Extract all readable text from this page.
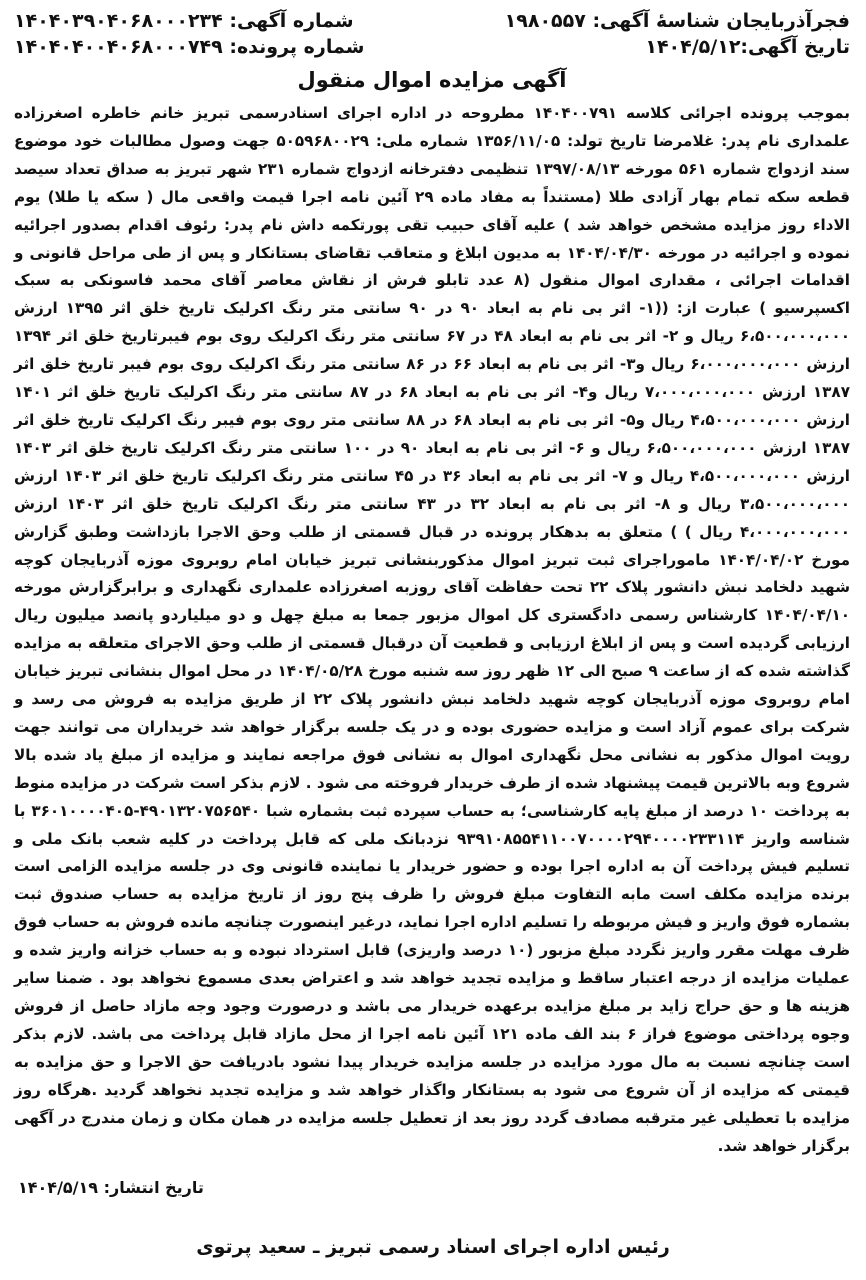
فجرآذربایجان شناسهٔ آگهی: ۱۹۸۰۵۵۷
شماره آگهی: ۱۴۰۴۰۳۹۰۴۰۶۸۰۰۰۲۳۴
تاریخ آگهی:۱۴۰۴/۵/۱۲
شماره پرونده: ۱۴۰۴۰۴۰۰۴۰۶۸۰۰۰۷۴۹
آگهی مزایده اموال منقول
بموجب پرونده اجرائی کلاسه ۱۴۰۴۰۰۷۹۱ مطروحه در اداره اجرای اسنادرسمی تبریز خانم خاطره اصغرزاده علمداری نام پدر: غلامرضا تاریخ تولد: ۱۳۵۶/۱۱/۰۵ شماره ملی: ۵۰۵۹۶۸۰۰۲۹ جهت وصول مطالبات خود موضوع سند ازدواج شماره ۵۶۱ مورخه ۱۳۹۷/۰۸/۱۳ تنظیمی دفترخانه ازدواج شماره ۲۳۱ شهر تبریز به صداق تعداد سیصد قطعه سکه تمام بهار آزادی طلا (مستنداً به مفاد ماده ۲۹ آئین نامه اجرا قیمت واقعی مال ( سکه یا طلا) یوم الاداء روز مزایده مشخص خواهد شد ) علیه آقای حبیب تقی پورتکمه داش نام پدر: رئوف اقدام بصدور اجرائیه نموده و اجرائیه در مورخه ۱۴۰۴/۰۴/۳۰ به مدیون ابلاغ و متعاقب تقاضای بستانکار و پس از طی مراحل قانونی و اقدامات اجرائی ، مقداری اموال منقول (۸ عدد تابلو فرش از نقاش معاصر آقای محمد فاسونکی به سبک اکسپرسیو ) عبارت از: ((۱- اثر بی نام به ابعاد ۹۰ در ۹۰ سانتی متر رنگ اکرلیک تاریخ خلق اثر ۱۳۹۵ ارزش ۶،۵۰۰،۰۰۰،۰۰۰ ریال و ۲- اثر بی نام به ابعاد ۴۸ در ۶۷ سانتی متر رنگ اکرلیک روی بوم فیبرتاریخ خلق اثر ۱۳۹۴ ارزش ۶،۰۰۰،۰۰۰،۰۰۰ ریال و۳- اثر بی نام به ابعاد ۶۶ در ۸۶ سانتی متر رنگ اکرلیک روی بوم فیبر تاریخ خلق اثر ۱۳۸۷ ارزش ۷،۰۰۰،۰۰۰،۰۰۰ ریال و۴- اثر بی نام به ابعاد ۶۸ در ۸۷ سانتی متر رنگ اکرلیک تاریخ خلق اثر ۱۴۰۱ ارزش ۴،۵۰۰،۰۰۰،۰۰۰ ریال و۵- اثر بی نام به ابعاد ۶۸ در ۸۸ سانتی متر روی بوم فیبر رنگ اکرلیک تاریخ خلق اثر ۱۳۸۷ ارزش ۶،۵۰۰،۰۰۰،۰۰۰ ریال و ۶- اثر بی نام به ابعاد ۹۰ در ۱۰۰ سانتی متر رنگ اکرلیک تاریخ خلق اثر ۱۴۰۳ ارزش ۴،۵۰۰،۰۰۰،۰۰۰ ریال و ۷- اثر بی نام به ابعاد ۳۶ در ۴۵ سانتی متر رنگ اکرلیک تاریخ خلق اثر ۱۴۰۳ ارزش ۳،۵۰۰،۰۰۰،۰۰۰ ریال و ۸- اثر بی نام به ابعاد ۳۲ در ۴۳ سانتی متر رنگ اکرلیک تاریخ خلق اثر ۱۴۰۳ ارزش ۴،۰۰۰،۰۰۰،۰۰۰ ریال ) ) متعلق به بدهکار پرونده در قبال قسمتی از طلب وحق الاجرا بازداشت وطبق گزارش مورخ ۱۴۰۴/۰۴/۰۲ ماموراجرای ثبت تبریز اموال مذکوربنشانی تبریز خیابان امام روبروی موزه آذربایجان کوچه شهید دلخامد نبش دانشور پلاک ۲۲ تحت حفاظت آقای روزبه اصغرزاده علمداری نگهداری و برابرگزارش مورخه ۱۴۰۴/۰۴/۱۰ کارشناس رسمی دادگستری کل اموال مزبور جمعا به مبلغ چهل و دو میلیاردو پانصد میلیون ریال ارزیابی گردیده است و پس از ابلاغ ارزیابی و قطعیت آن درقبال قسمتی از طلب وحق الاجرای متعلقه به مزایده گذاشته شده که از ساعت ۹ صبح الی ۱۲ ظهر روز سه شنبه مورخ ۱۴۰۴/۰۵/۲۸ در محل اموال بنشانی تبریز خیابان امام روبروی موزه آذربایجان کوچه شهید دلخامد نبش دانشور پلاک ۲۲ از طریق مزایده به فروش می رسد و شرکت برای عموم آزاد است و مزایده حضوری بوده و در یک جلسه برگزار خواهد شد خریداران می توانند جهت رویت اموال مذکور به نشانی محل نگهداری اموال به نشانی فوق مراجعه نمایند و مزایده از مبلغ یاد شده بالا شروع وبه بالاترین قیمت پیشنهاد شده از طرف خریدار فروخته می شود . لازم بذکر است شرکت در مزایده منوط به پرداخت ۱۰ درصد از مبلغ پایه کارشناسی؛ به حساب سپرده ثبت بشماره شبا ۴۹۰۱۳۲۰۷۵۶۵۴۰-۳۶۰۱۰۰۰۰۴۰۵ با شناسه واریز ۹۳۹۱۰۸۵۵۴۱۱۰۰۷۰۰۰۰۲۹۴۰۰۰۰۲۳۳۱۱۴ نزدبانک ملی که قابل پرداخت در کلیه شعب بانک ملی و تسلیم فیش پرداخت آن به اداره اجرا بوده و حضور خریدار یا نماینده قانونی وی در جلسه مزایده الزامی است برنده مزایده مکلف است مابه التفاوت مبلغ فروش را ظرف پنج روز از تاریخ مزایده به حساب صندوق ثبت بشماره فوق واریز و فیش مربوطه را تسلیم اداره اجرا نماید، درغیر اینصورت چنانچه مانده فروش به حساب فوق ظرف مهلت مقرر واریز نگردد مبلغ مزبور (۱۰ درصد واریزی) قابل استرداد نبوده و به حساب خزانه واریز شده و عملیات مزایده از درجه اعتبار ساقط و مزایده تجدید خواهد شد و اعتراض بعدی مسموع نخواهد بود . ضمنا سایر هزینه ها و حق حراج زاید بر مبلغ مزایده برعهده خریدار می باشد و درصورت وجود وجه مازاد حاصل از فروش وجوه پرداختی موضوع فراز ۶ بند الف ماده ۱۲۱ آئین نامه اجرا از محل مازاد قابل پرداخت می باشد. لازم بذکر است چنانچه نسبت به مال مورد مزایده در جلسه مزایده خریدار پیدا نشود بادریافت حق الاجرا و حق مزایده به قیمتی که مزایده از آن شروع می شود به بستانکار واگذار خواهد شد و مزایده تجدید نخواهد گردید .هرگاه روز مزایده با تعطیلی غیر مترقبه مصادف گردد روز بعد از تعطیل جلسه مزایده در همان مکان و زمان مندرج در آگهی برگزار خواهد شد.
تاریخ انتشار: ۱۴۰۴/۵/۱۹
رئیس اداره اجرای اسناد رسمی تبریز ـ سعید پرتوی
